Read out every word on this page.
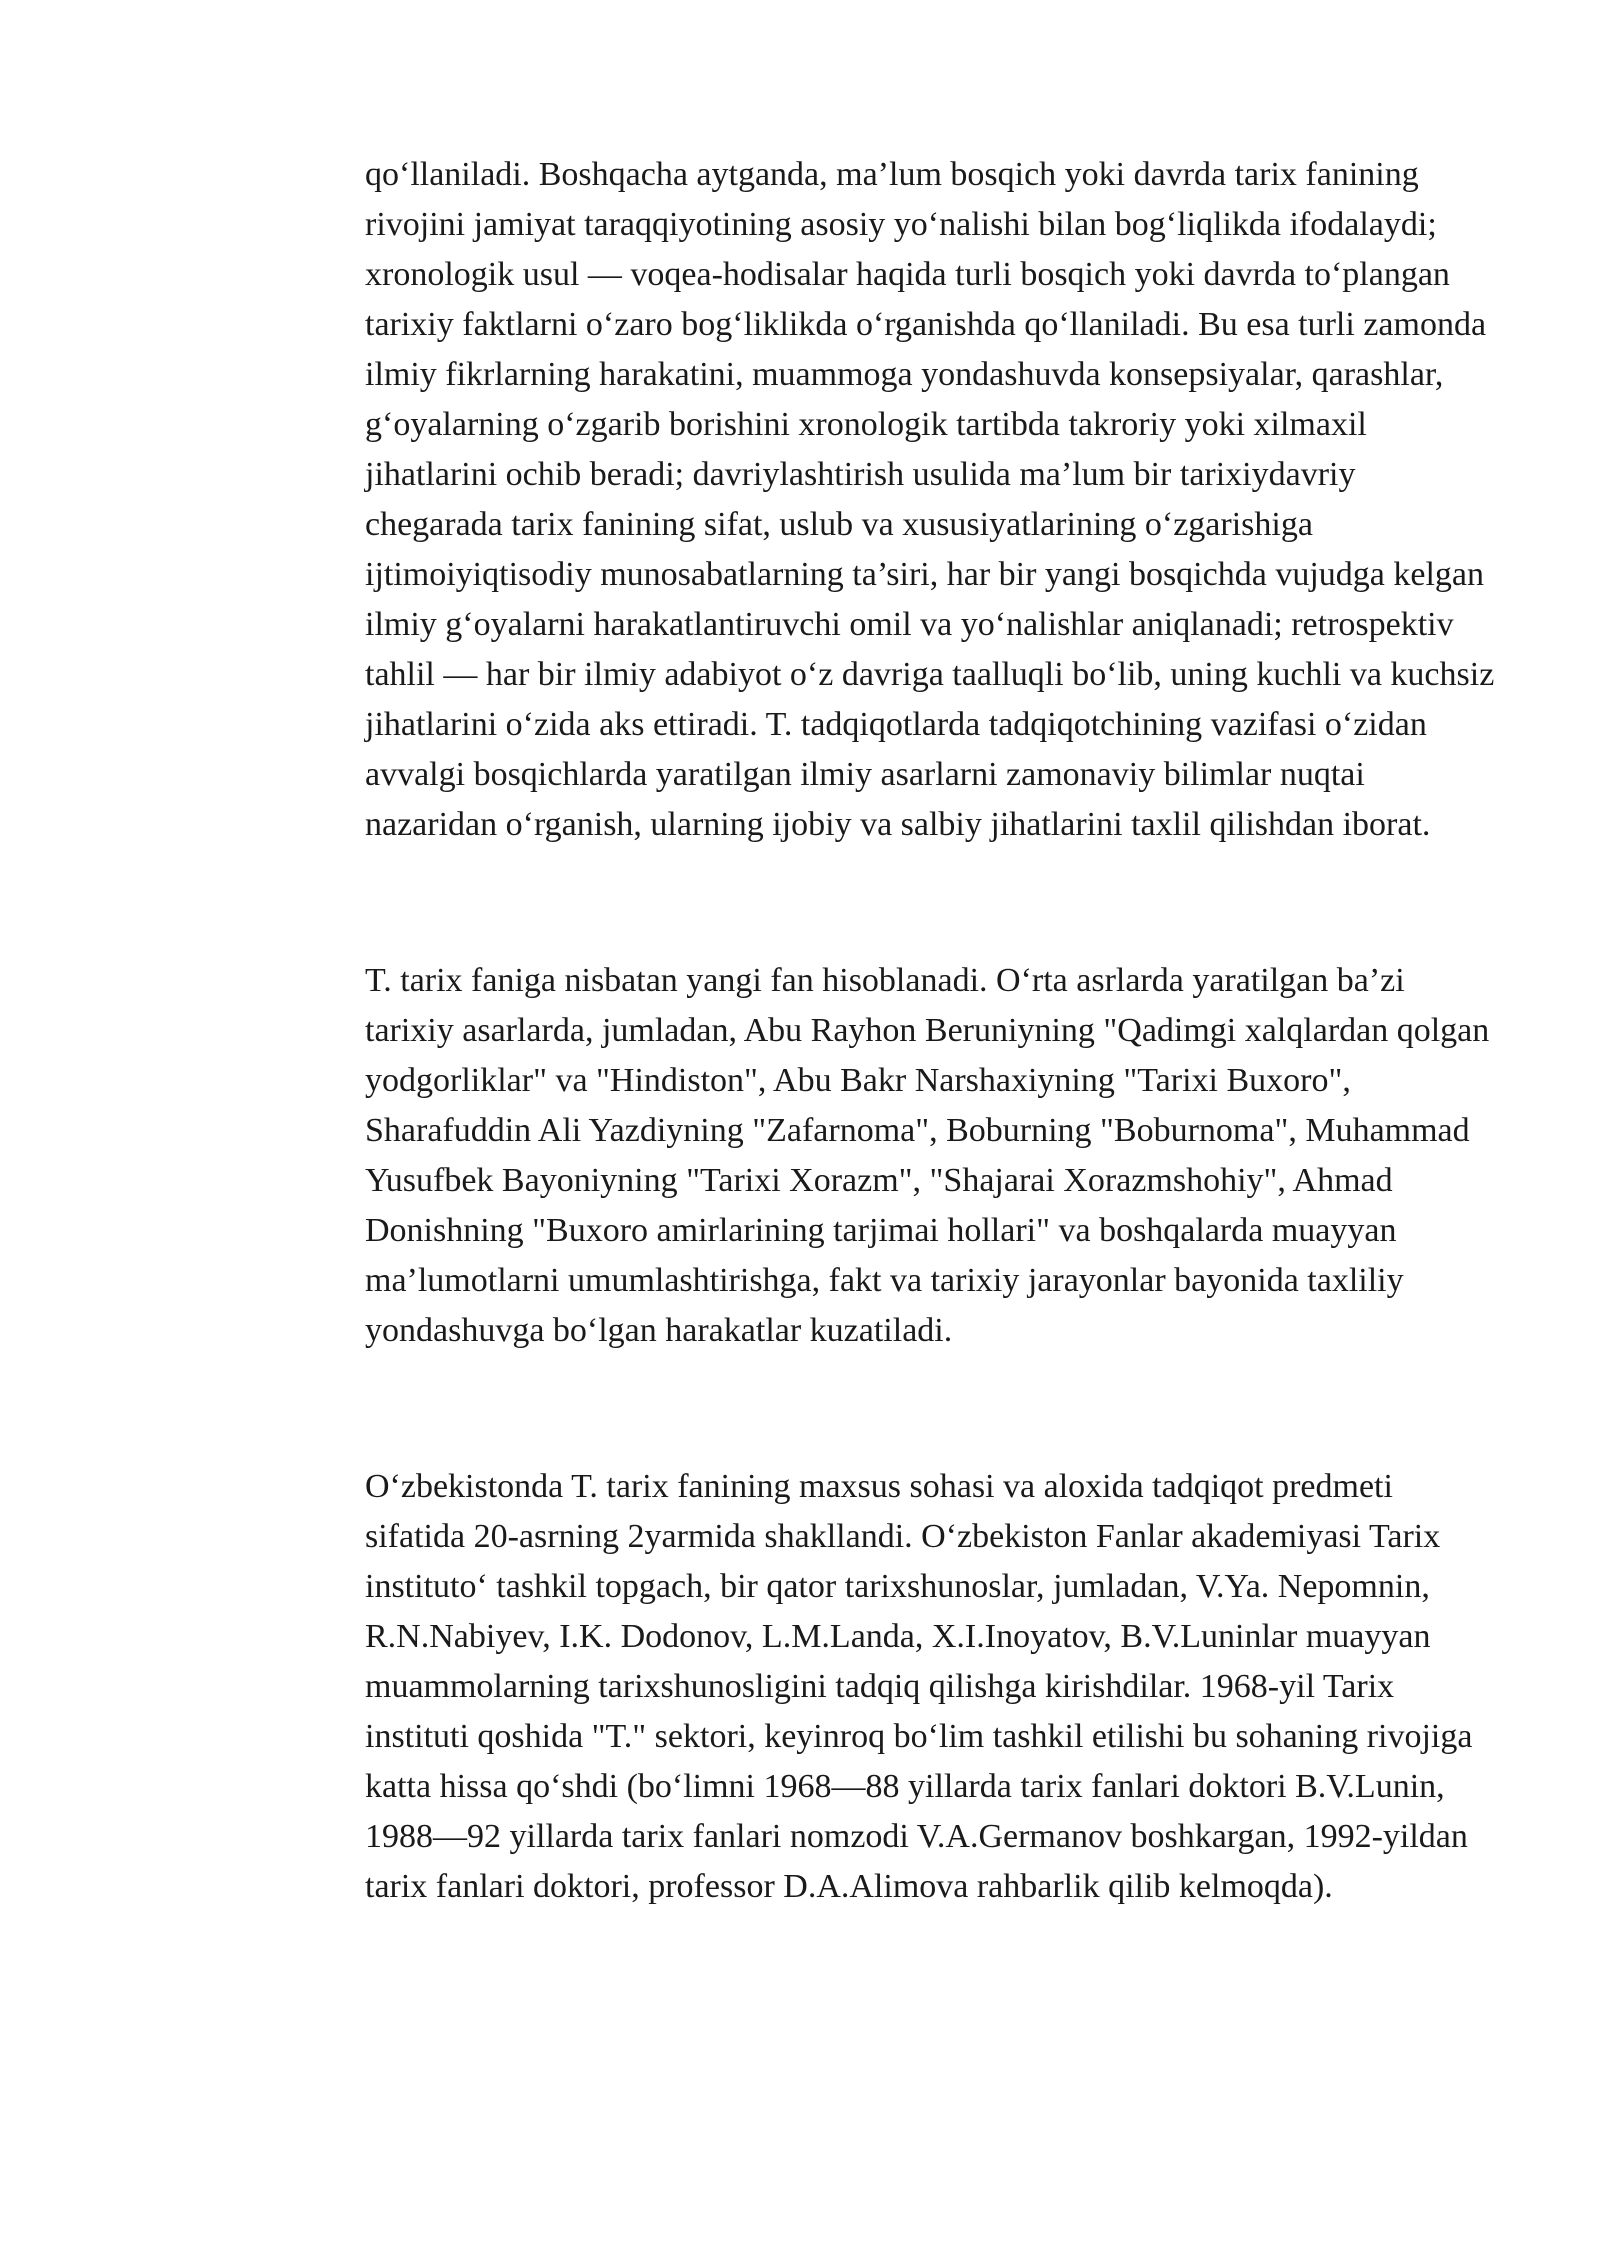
qo‘llaniladi. Boshqacha aytganda, ma’lum bosqich yoki davrda tarix fanining rivojini jamiyat taraqqiyotining asosiy yo‘nalishi bilan bog‘liqlikda ifodalaydi; xronologik usul — voqea-hodisalar haqida turli bosqich yoki davrda to‘plangan tarixiy faktlarni o‘zaro bog‘liklikda o‘rganishda qo‘llaniladi. Bu esa turli zamonda ilmiy fikrlarning harakatini, muammoga yondashuvda konsepsiyalar, qarashlar, g‘oyalarning o‘zgarib borishini xronologik tartibda takroriy yoki xilmaxil jihatlarini ochib beradi; davriylashtirish usulida ma’lum bir tarixiydavriy chegarada tarix fanining sifat, uslub va xususiyatlarining o‘zgarishiga ijtimoiyiqtisodiy munosabatlarning ta’siri, har bir yangi bosqichda vujudga kelgan ilmiy g‘oyalarni harakatlantiruvchi omil va yo‘nalishlar aniqlanadi; retrospektiv tahlil — har bir ilmiy adabiyot o‘z davriga taalluqli bo‘lib, uning kuchli va kuchsiz jihatlarini o‘zida aks ettiradi. T. tadqiqotlarda tadqiqotchining vazifasi o‘zidan avvalgi bosqichlarda yaratilgan ilmiy asarlarni zamonaviy bilimlar nuqtai nazaridan o‘rganish, ularning ijobiy va salbiy jihatlarini taxlil qilishdan iborat.

T. tarix faniga nisbatan yangi fan hisoblanadi. O‘rta asrlarda yaratilgan ba’zi tarixiy asarlarda, jumladan, Abu Rayhon Beruniyning "Qadimgi xalqlardan qolgan yodgorliklar" va "Hindiston", Abu Bakr Narshaxiyning "Tarixi Buxoro", Sharafuddin Ali Yazdiyning "Zafarnoma", Boburning "Boburnoma", Muhammad Yusufbek Bayoniyning "Tarixi Xorazm", "Shajarai Xorazmshohiy", Ahmad Donishning "Buxoro amirlarining tarjimai hollari" va boshqalarda muayyan ma’lumotlarni umumlashtirishga, fakt va tarixiy jarayonlar bayonida taxliliy yondashuvga bo‘lgan harakatlar kuzatiladi.

O‘zbekistonda T. tarix fanining maxsus sohasi va aloxida tadqiqot predmeti sifatida 20-asrning 2yarmida shakllandi. O‘zbekiston Fanlar akademiyasi Tarix instituto‘ tashkil topgach, bir qator tarixshunoslar, jumladan, V.Ya. Nepomnin, R.N.Nabiyev, I.K. Dodonov, L.M.Landa, X.I.Inoyatov, B.V.Luninlar muayyan muammolarning tarixshunosligini tadqiq qilishga kirishdilar. 1968-yil Tarix instituti qoshida "T." sektori, keyinroq bo‘lim tashkil etilishi bu sohaning rivojiga katta hissa qo‘shdi (bo‘limni 1968—88 yillarda tarix fanlari doktori B.V.Lunin, 1988—92 yillarda tarix fanlari nomzodi V.A.Germanov boshkargan, 1992-yildan tarix fanlari doktori, professor D.A.Alimova rahbarlik qilib kelmoqda).
